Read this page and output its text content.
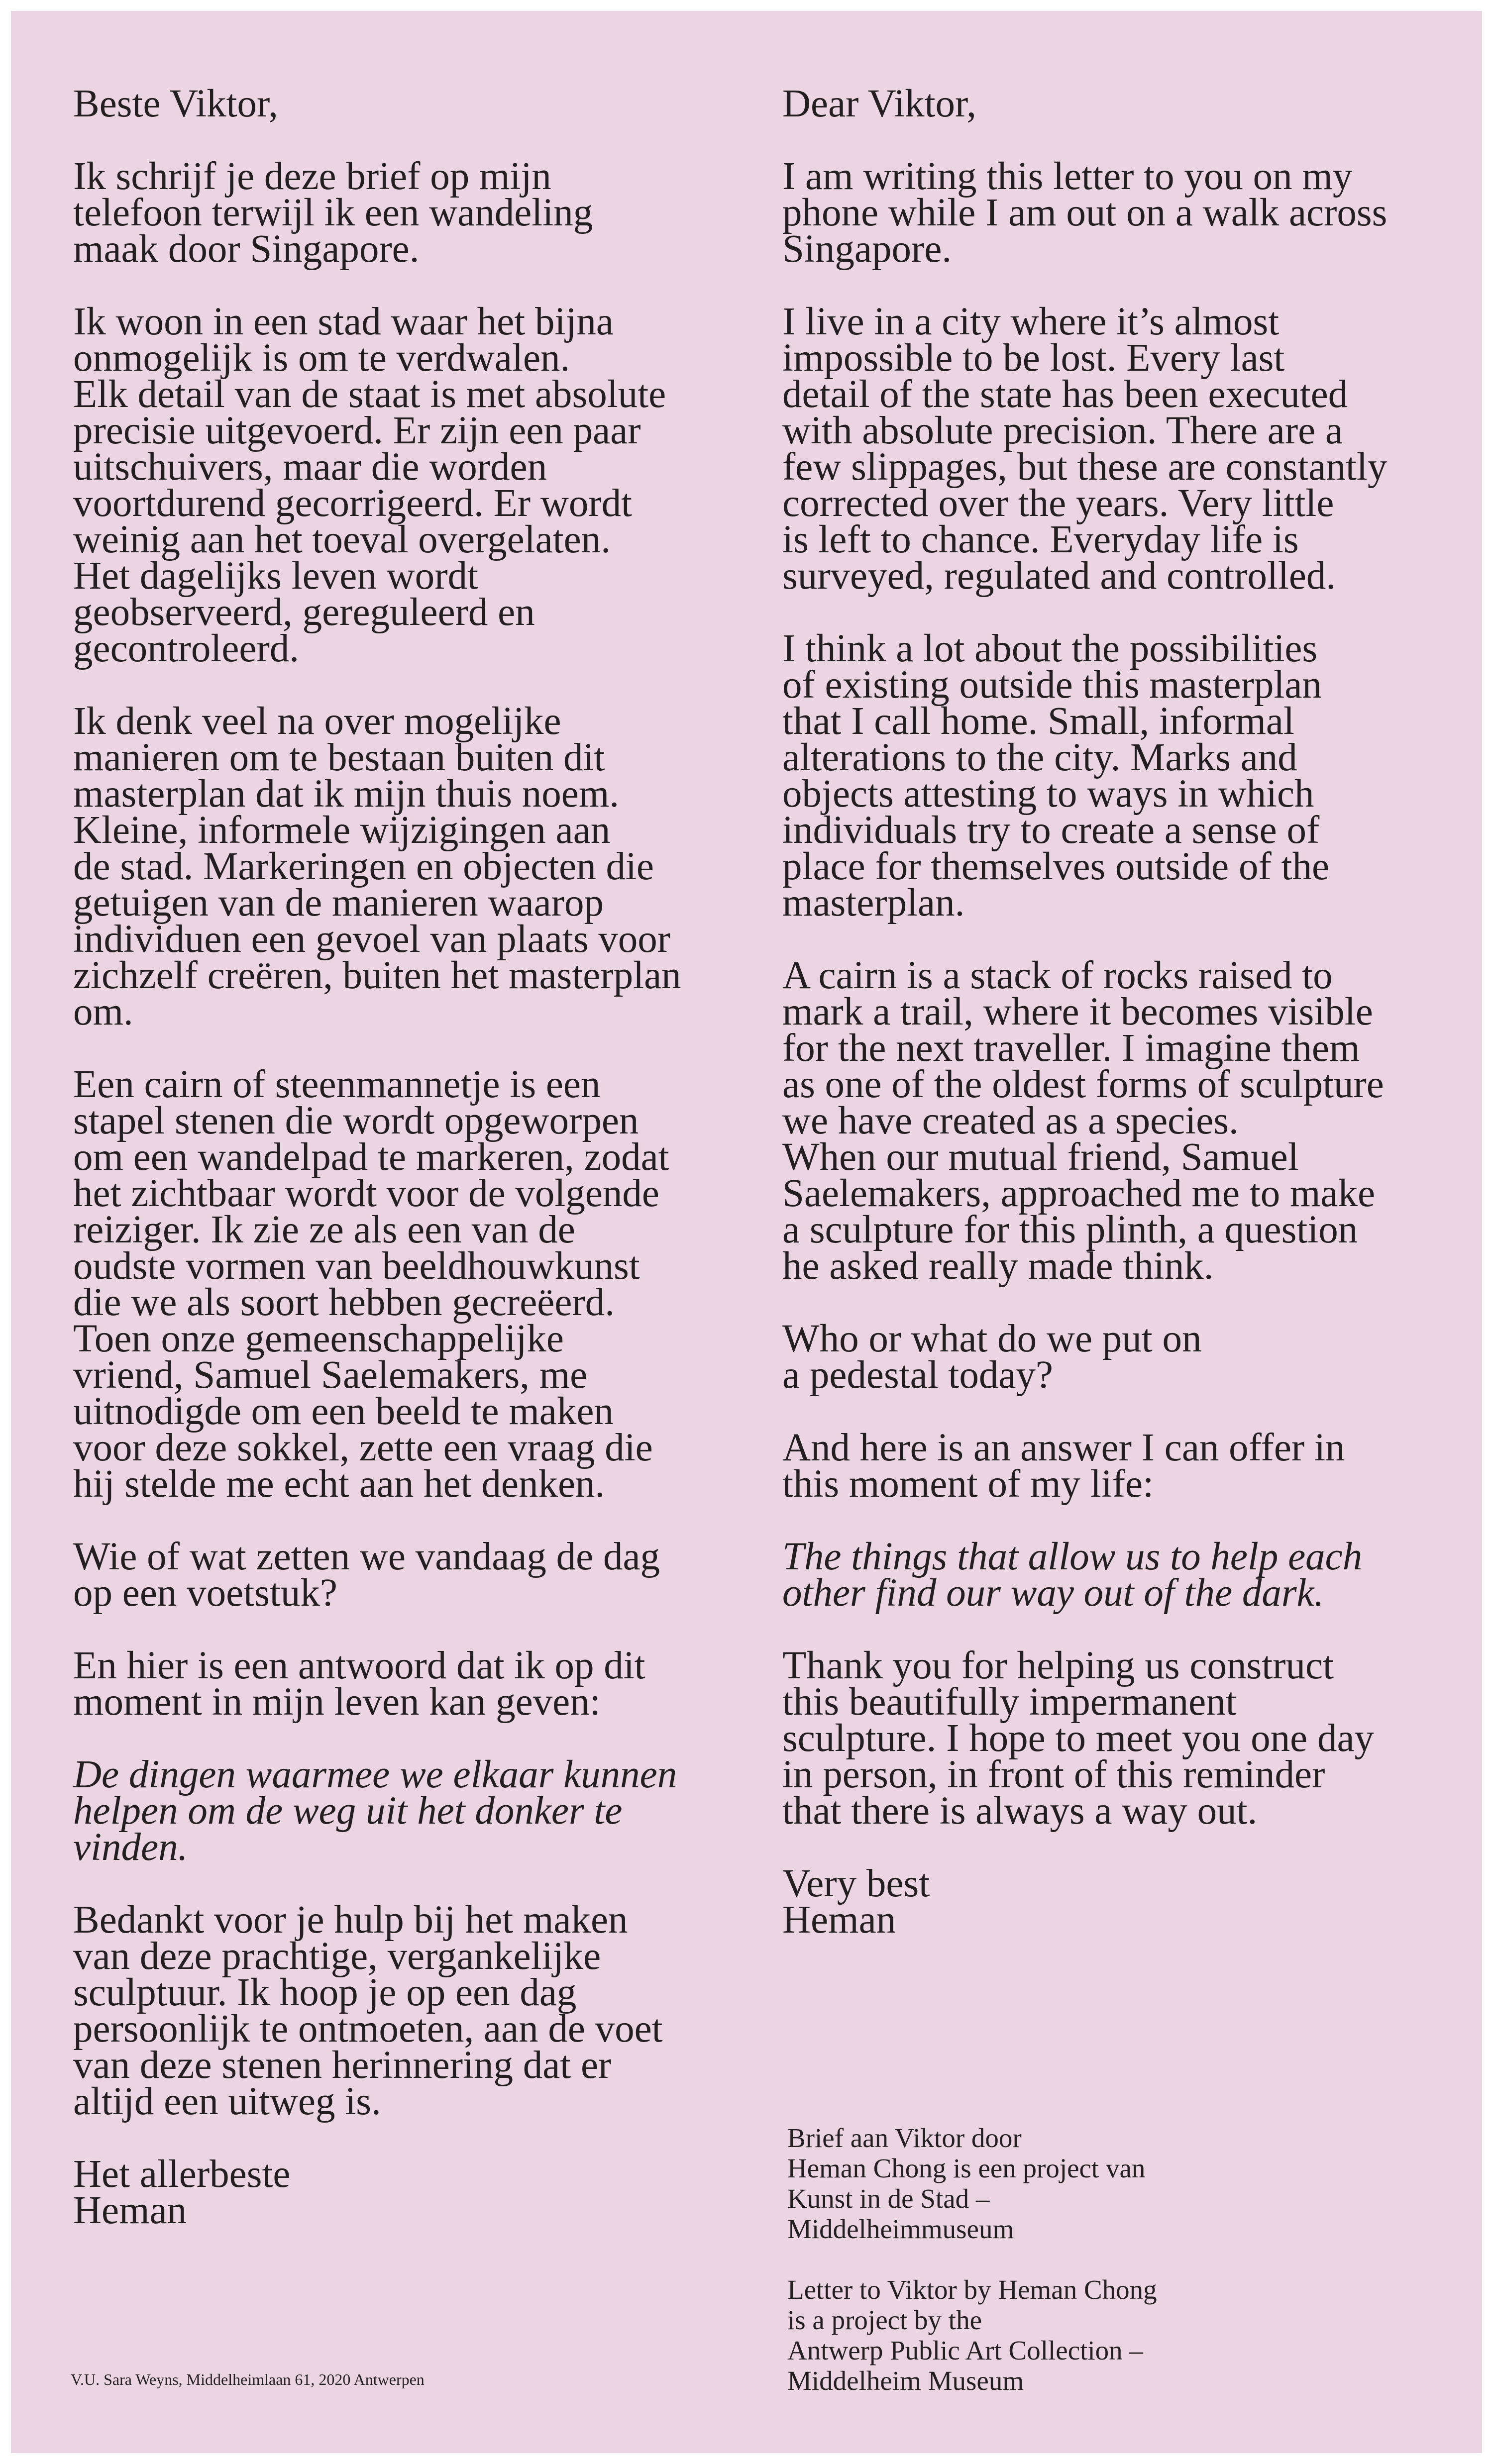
Beste Viktor,

Ik schrijf je deze brief op mijn
telefoon terwijl ik een wandeling
maak door Singapore.

Ik woon in een stad waar het bijna
onmogelijk is om te verdwalen.
Elk detail van de staat is met absolute
precisie uitgevoerd. Er zijn een paar
uitschuivers, maar die worden
voortdurend gecorrigeerd. Er wordt
weinig aan het toeval overgelaten.
Het dagelijks leven wordt
geobserveerd, gereguleerd en
gecontroleerd.

Ik denk veel na over mogelijke
manieren om te bestaan buiten dit
masterplan dat ik mijn thuis noem.
Kleine, informele wijzigingen aan
de stad. Markeringen en objecten die
getuigen van de manieren waarop
individuen een gevoel van plaats voor
zichzelf creëren, buiten het masterplan
om.

Een cairn of steenmannetje is een
stapel stenen die wordt opgeworpen
om een wandelpad te markeren, zodat
het zichtbaar wordt voor de volgende
reiziger. Ik zie ze als een van de
oudste vormen van beeldhouwkunst
die we als soort hebben gecreëerd.
Toen onze gemeenschappelijke
vriend, Samuel Saelemakers, me
uitnodigde om een beeld te maken
voor deze sokkel, zette een vraag die
hij stelde me echt aan het denken.

Wie of wat zetten we vandaag de dag
op een voetstuk?

En hier is een antwoord dat ik op dit
moment in mijn leven kan geven:

De dingen waarmee we elkaar kunnen
helpen om de weg uit het donker te
vinden.

Bedankt voor je hulp bij het maken
van deze prachtige, vergankelijke
sculptuur. Ik hoop je op een dag
persoonlijk te ontmoeten, aan de voet
van deze stenen herinnering dat er
altijd een uitweg is.

Het allerbeste
Heman

Dear Viktor,

I am writing this letter to you on my
phone while I am out on a walk across
Singapore.

I live in a city where it’s almost
impossible to be lost. Every last
detail of the state has been executed
with absolute precision. There are a
few slippages, but these are constantly
corrected over the years. Very little
is left to chance. Everyday life is
surveyed, regulated and controlled.

I think a lot about the possibilities
of existing outside this masterplan
that I call home. Small, informal
alterations to the city. Marks and
objects attesting to ways in which
individuals try to create a sense of
place for themselves outside of the
masterplan.

A cairn is a stack of rocks raised to
mark a trail, where it becomes visible
for the next traveller. I imagine them
as one of the oldest forms of sculpture
we have created as a species.
When our mutual friend, Samuel
Saelemakers, approached me to make
a sculpture for this plinth, a question
he asked really made think.

Who or what do we put on
a pedestal today?

And here is an answer I can offer in
this moment of my life:

The things that allow us to help each
other find our way out of the dark.

Thank you for helping us construct
this beautifully impermanent
sculpture. I hope to meet you one day
in person, in front of this reminder
that there is always a way out.

Very best
Heman

Brief aan Viktor door
Heman Chong is een project van
Kunst in de Stad –
Middelheimmuseum

Letter to Viktor by Heman Chong
is a project by the
Antwerp Public Art Collection –
Middelheim Museum

V.U. Sara Weyns, Middelheimlaan 61, 2020 Antwerpen
